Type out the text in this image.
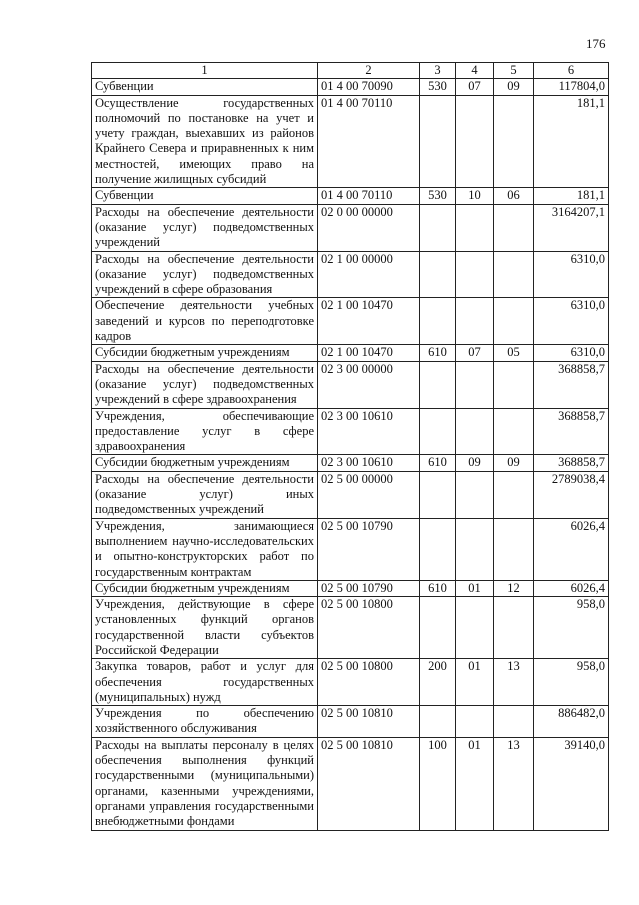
176
1	2	3	4	5	6
Субвенции	01 4 00 70090	530	07	09	117804,0
Осуществление государственных полномочий по постановке на учет и учету граждан, выехавших из районов Крайнего Севера и приравненных к ним местностей, имеющих право на получение жилищных субсидий	01 4 00 70110				181,1
Субвенции	01 4 00 70110	530	10	06	181,1
Расходы на обеспечение деятельности (оказание услуг) подведомственных учреждений	02 0 00 00000				3164207,1
Расходы на обеспечение деятельности (оказание услуг) подведомственных учреждений в сфере образования	02 1 00 00000				6310,0
Обеспечение деятельности учебных заведений и курсов по переподготовке кадров	02 1 00 10470				6310,0
Субсидии бюджетным учреждениям	02 1 00 10470	610	07	05	6310,0
Расходы на обеспечение деятельности (оказание услуг) подведомственных учреждений в сфере здравоохранения	02 3 00 00000				368858,7
Учреждения, обеспечивающие предоставление услуг в сфере здравоохранения	02 3 00 10610				368858,7
Субсидии бюджетным учреждениям	02 3 00 10610	610	09	09	368858,7
Расходы на обеспечение деятельности (оказание услуг) иных подведомственных учреждений	02 5 00 00000				2789038,4
Учреждения, занимающиеся выполнением научно-исследовательских и опытно-конструкторских работ по государственным контрактам	02 5 00 10790				6026,4
Субсидии бюджетным учреждениям	02 5 00 10790	610	01	12	6026,4
Учреждения, действующие в сфере установленных функций органов государственной власти субъектов Российской Федерации	02 5 00 10800				958,0
Закупка товаров, работ и услуг для обеспечения государственных (муниципальных) нужд	02 5 00 10800	200	01	13	958,0
Учреждения по обеспечению хозяйственного обслуживания	02 5 00 10810				886482,0
Расходы на выплаты персоналу в целях обеспечения выполнения функций государственными (муниципальными) органами, казенными учреждениями, органами управления государственными внебюджетными фондами	02 5 00 10810	100	01	13	39140,0
